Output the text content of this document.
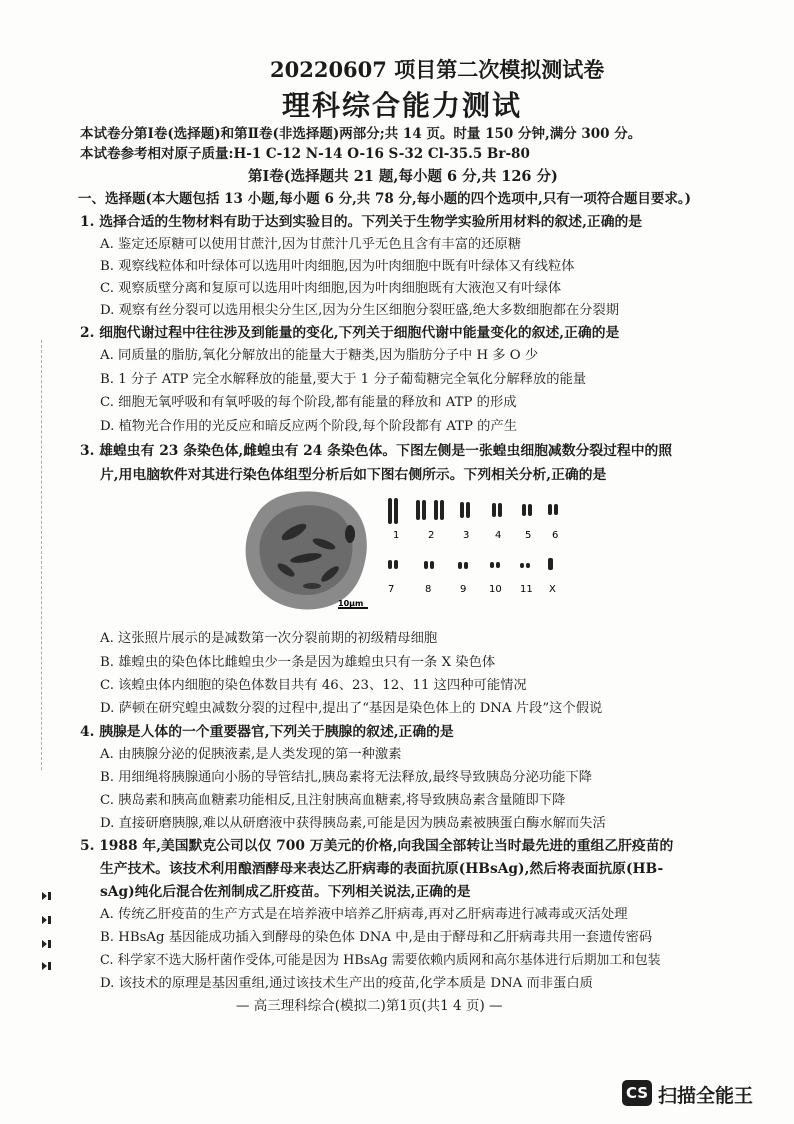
20220607 项目第二次模拟测试卷
理科综合能力测试
本试卷分第Ⅰ卷(选择题)和第Ⅱ卷(非选择题)两部分;共 14 页。时量 150 分钟,满分 300 分。
本试卷参考相对原子质量:H-1 C-12 N-14 O-16 S-32 Cl-35.5 Br-80
第Ⅰ卷(选择题共 21 题,每小题 6 分,共 126 分)
一、选择题(本大题包括 13 小题,每小题 6 分,共 78 分,每小题的四个选项中,只有一项符合题目要求。)
1. 选择合适的生物材料有助于达到实验目的。下列关于生物学实验所用材料的叙述,正确的是
A. 鉴定还原糖可以使用甘蔗汁,因为甘蔗汁几乎无色且含有丰富的还原糖
B. 观察线粒体和叶绿体可以选用叶肉细胞,因为叶肉细胞中既有叶绿体又有线粒体
C. 观察质壁分离和复原可以选用叶肉细胞,因为叶肉细胞既有大液泡又有叶绿体
D. 观察有丝分裂可以选用根尖分生区,因为分生区细胞分裂旺盛,绝大多数细胞都在分裂期
2. 细胞代谢过程中往往涉及到能量的变化,下列关于细胞代谢中能量变化的叙述,正确的是
A. 同质量的脂肪,氧化分解放出的能量大于糖类,因为脂肪分子中 H 多 O 少
B. 1 分子 ATP 完全水解释放的能量,要大于 1 分子葡萄糖完全氧化分解释放的能量
C. 细胞无氧呼吸和有氧呼吸的每个阶段,都有能量的释放和 ATP 的形成
D. 植物光合作用的光反应和暗反应两个阶段,每个阶段都有 ATP 的产生
3. 雄蝗虫有 23 条染色体,雌蝗虫有 24 条染色体。下图左侧是一张蝗虫细胞减数分裂过程中的照
片,用电脑软件对其进行染色体组型分析后如下图右侧所示。下列相关分析,正确的是
10μm
1	2	3	4 5 6
7	8	9 10 11 X
A. 这张照片展示的是减数第一次分裂前期的初级精母细胞
B. 雄蝗虫的染色体比雌蝗虫少一条是因为雄蝗虫只有一条 X 染色体
C. 该蝗虫体内细胞的染色体数目共有 46、23、12、11 这四种可能情况
D. 萨顿在研究蝗虫减数分裂的过程中,提出了“基因是染色体上的 DNA 片段”这个假说
4. 胰腺是人体的一个重要器官,下列关于胰腺的叙述,正确的是
A. 由胰腺分泌的促胰液素,是人类发现的第一种激素
B. 用细绳将胰腺通向小肠的导管结扎,胰岛素将无法释放,最终导致胰岛分泌功能下降
C. 胰岛素和胰高血糖素功能相反,且注射胰高血糖素,将导致胰岛素含量随即下降
D. 直接研磨胰腺,难以从研磨液中获得胰岛素,可能是因为胰岛素被胰蛋白酶水解而失活
5. 1988 年,美国默克公司以仅 700 万美元的价格,向我国全部转让当时最先进的重组乙肝疫苗的
生产技术。该技术利用酿酒酵母来表达乙肝病毒的表面抗原(HBsAg),然后将表面抗原(HB-
sAg)纯化后混合佐剂制成乙肝疫苗。下列相关说法,正确的是
A. 传统乙肝疫苗的生产方式是在培养液中培养乙肝病毒,再对乙肝病毒进行减毒或灭活处理
B. HBsAg 基因能成功插入到酵母的染色体 DNA 中,是由于酵母和乙肝病毒共用一套遗传密码
C. 科学家不选大肠杆菌作受体,可能是因为 HBsAg 需要依赖内质网和高尔基体进行后期加工和包装
D. 该技术的原理是基因重组,通过该技术生产出的疫苗,化学本质是 DNA 而非蛋白质
— 高三理科综合(模拟二)第1页(共1 4 页) —
CS 扫描全能王
